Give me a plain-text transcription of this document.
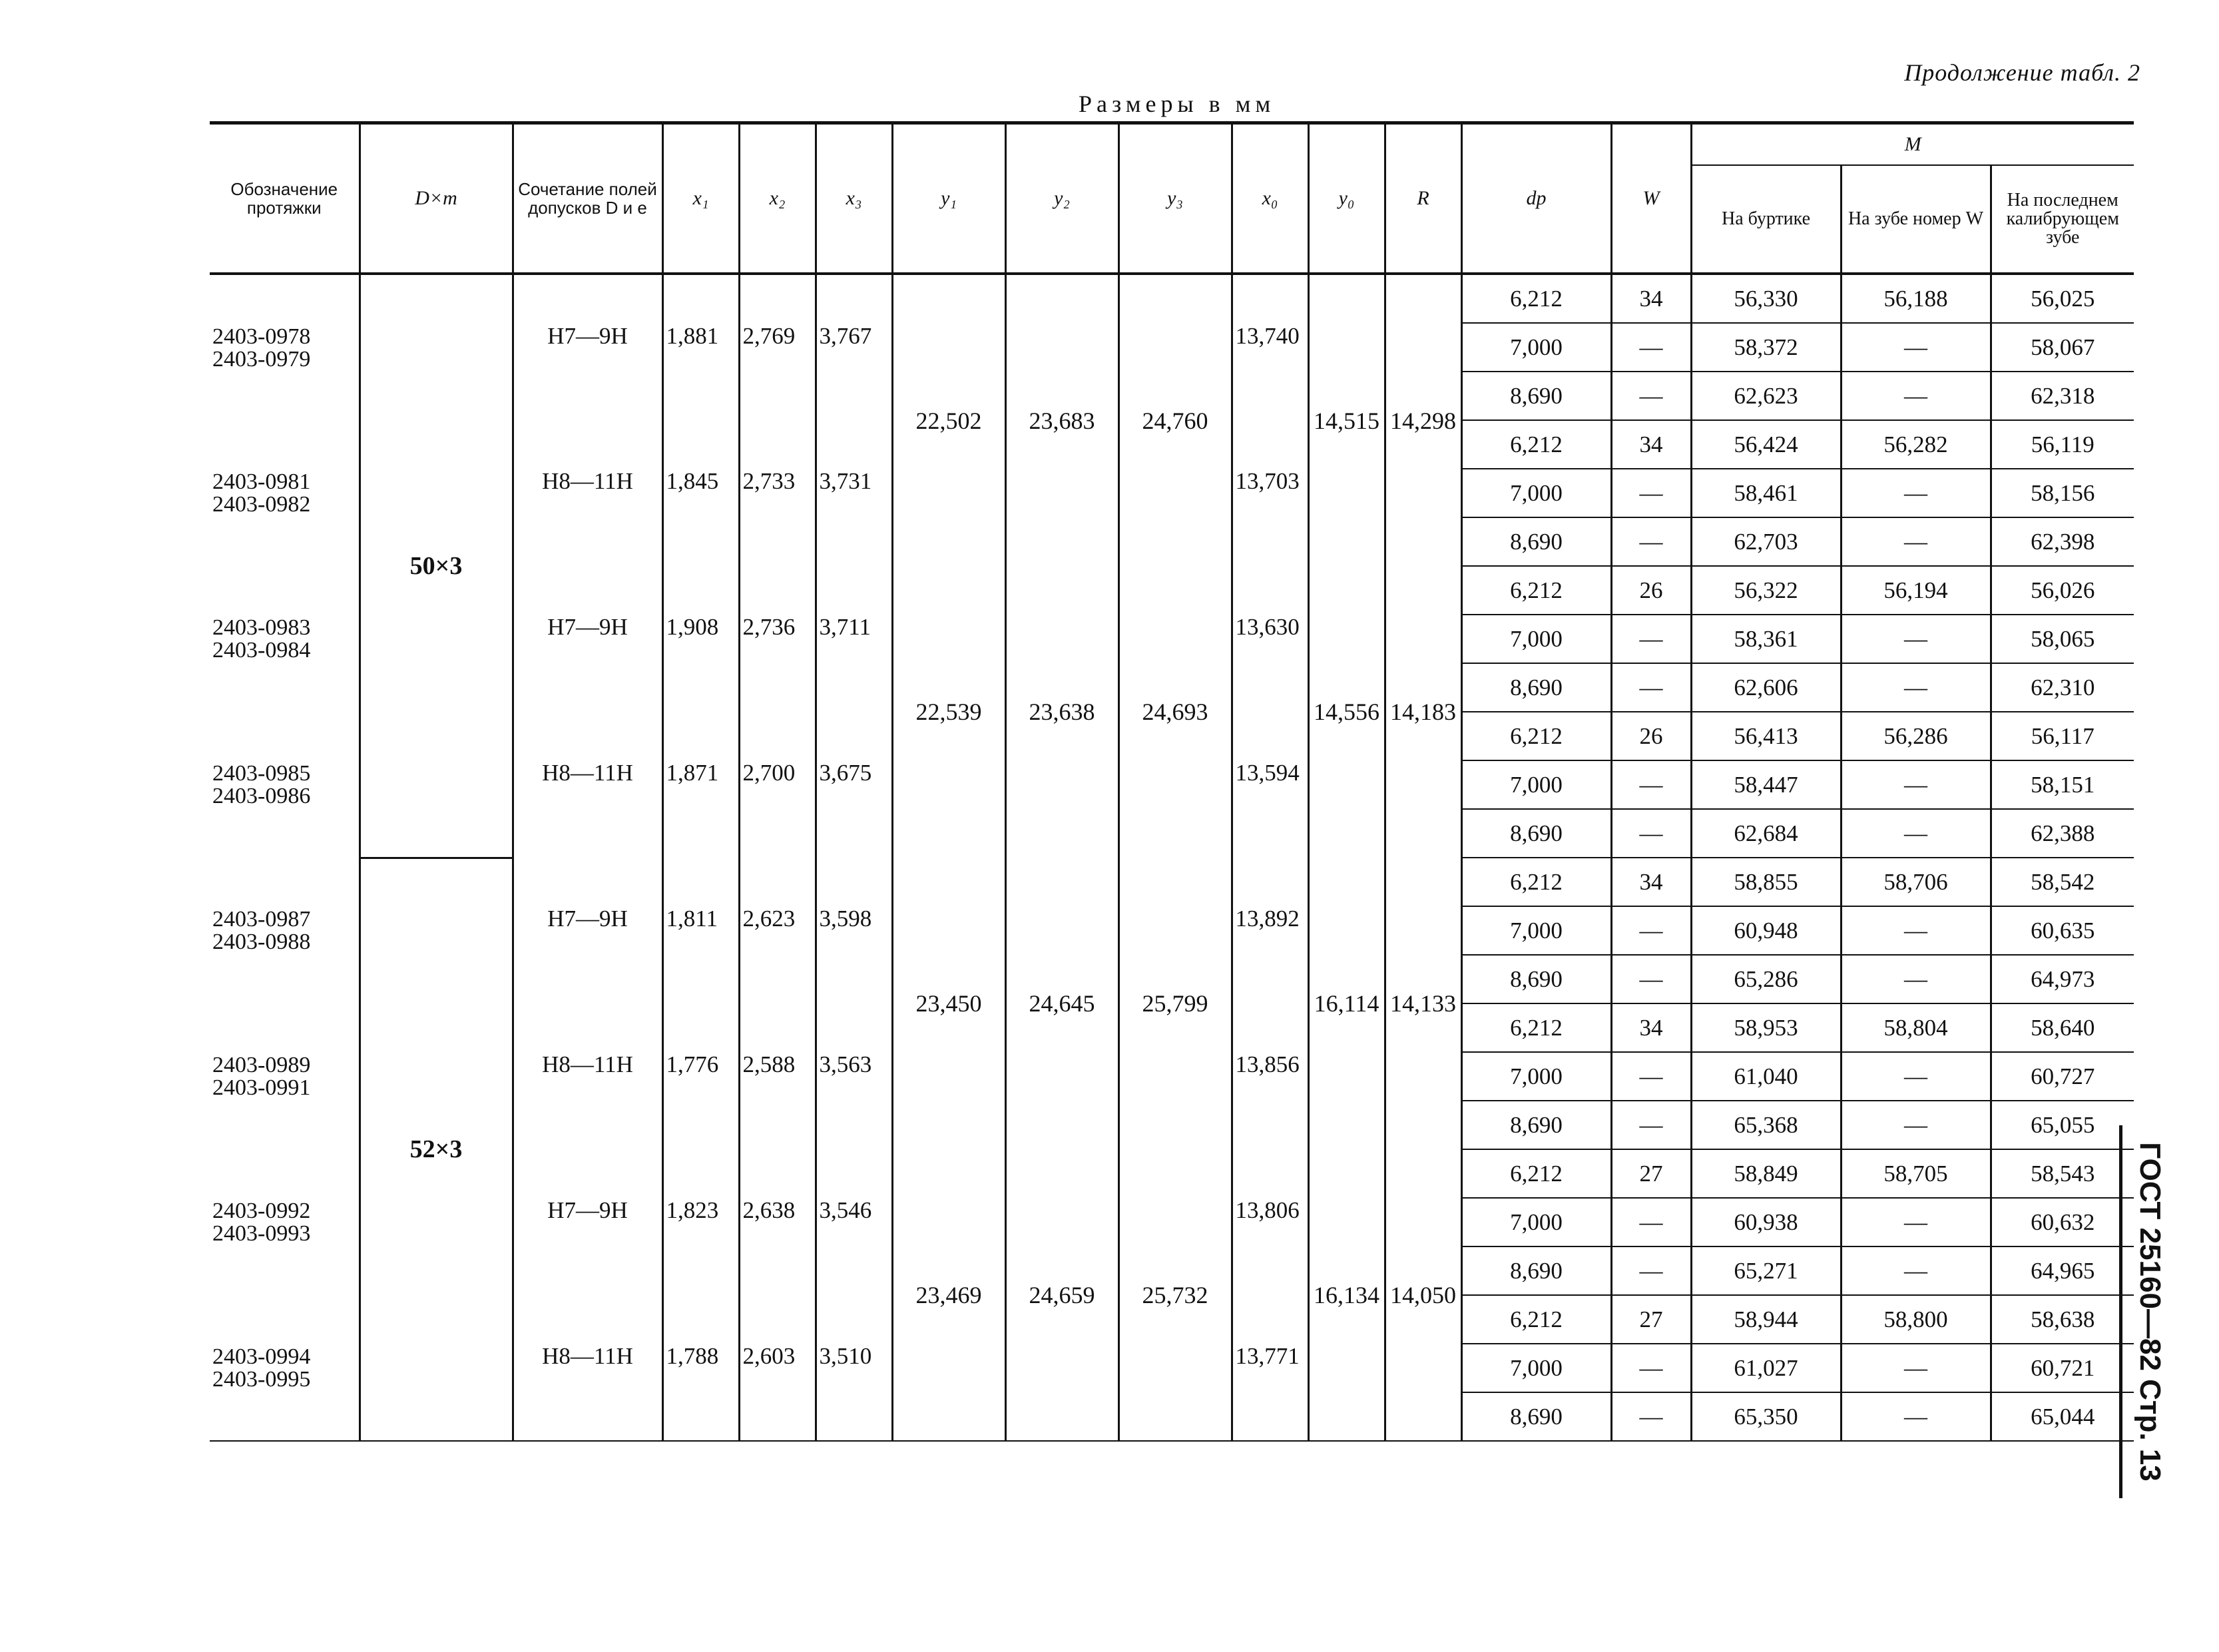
Продолжение табл. 2
Размеры в мм
ГОСТ 25160—82 Стр. 13
Обозначение протяжки	D×m	Сочетание полей допусков D и e	x₁	x₂	x₃	y₁	y₂	y₃	x₀	y₀	R	dp	W	M		
														На буртике	На зубе номер W	На последнем калибрующем зубе

2403-0978
2403-0979	50×3	H7—9H	1,881	2,769	3,767	22,502	23,683	24,760	13,740	14,515	14,298	6,212	34	56,330	56,188	56,025
												7,000	—	58,372	—	58,067
												8,690	—	62,623	—	62,318

2403-0981
2403-0982		H8—11H	1,845	2,733	3,731				13,703			6,212	34	56,424	56,282	56,119
												7,000	—	58,461	—	58,156
												8,690	—	62,703	—	62,398

2403-0983
2403-0984		H7—9H	1,908	2,736	3,711	22,539	23,638	24,693	13,630	14,556	14,183	6,212	26	56,322	56,194	56,026
												7,000	—	58,361	—	58,065
												8,690	—	62,606	—	62,310

2403-0985
2403-0986		H8—11H	1,871	2,700	3,675				13,594			6,212	26	56,413	56,286	56,117
												7,000	—	58,447	—	58,151
												8,690	—	62,684	—	62,388

2403-0987
2403-0988	52×3	H7—9H	1,811	2,623	3,598	23,450	24,645	25,799	13,892	16,114	14,133	6,212	34	58,855	58,706	58,542
												7,000	—	60,948	—	60,635
												8,690	—	65,286	—	64,973

2403-0989
2403-0991		H8—11H	1,776	2,588	3,563				13,856			6,212	34	58,953	58,804	58,640
												7,000	—	61,040	—	60,727
												8,690	—	65,368	—	65,055

2403-0992
2403-0993		H7—9H	1,823	2,638	3,546	23,469	24,659	25,732	13,806	16,134	14,050	6,212	27	58,849	58,705	58,543
												7,000	—	60,938	—	60,632
												8,690	—	65,271	—	64,965

2403-0994
2403-0995		H8—11H	1,788	2,603	3,510				13,771			6,212	27	58,944	58,800	58,638
												7,000	—	61,027	—	60,721
												8,690	—	65,350	—	65,044
